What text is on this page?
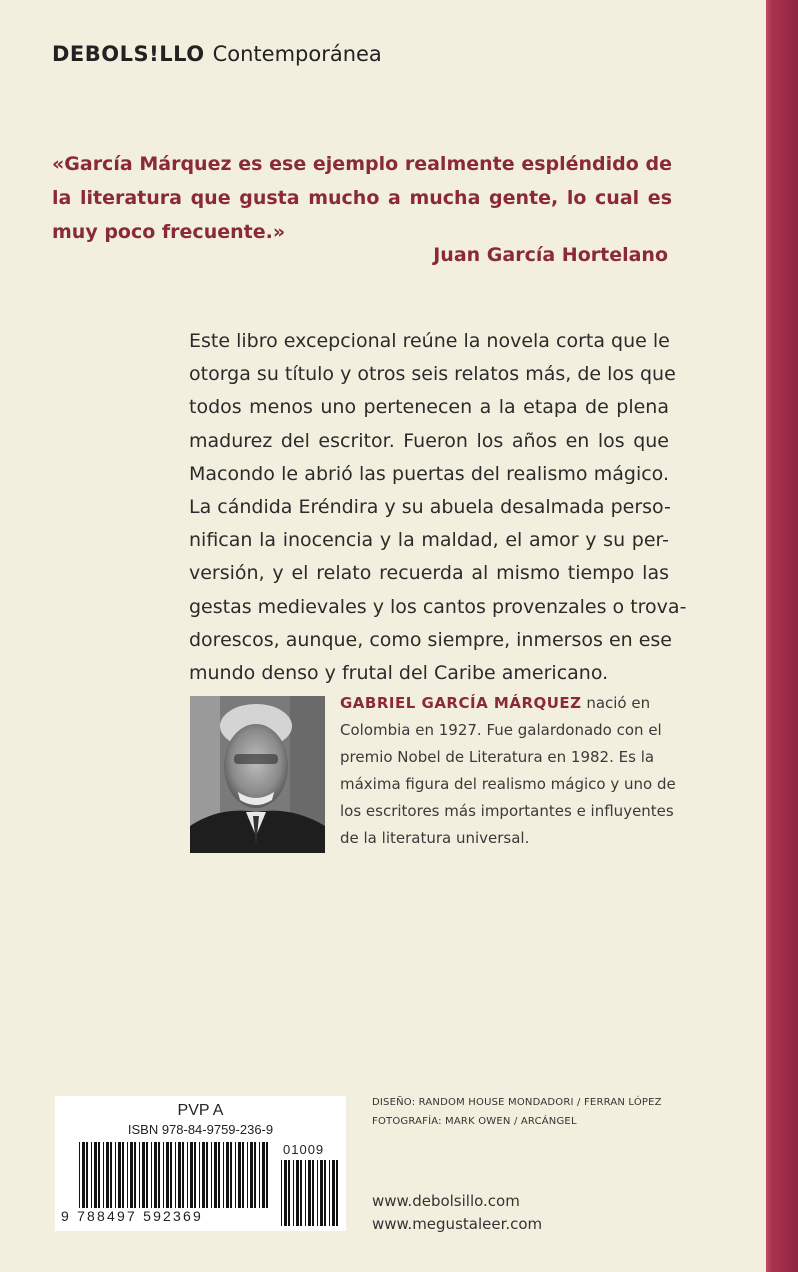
DEBOLS!LLO Contemporánea
«García Márquez es ese ejemplo realmente espléndido de la literatura que gusta mucho a mucha gente, lo cual es muy poco frecuente.»
Juan García Hortelano
Este libro excepcional reúne la novela corta que le
otorga su título y otros seis relatos más, de los que
todos menos uno pertenecen a la etapa de plena
madurez del escritor. Fueron los años en los que
Macondo le abrió las puertas del realismo mágico.
La cándida Eréndira y su abuela desalmada perso-
nifican la inocencia y la maldad, el amor y su per-
versión, y el relato recuerda al mismo tiempo las
gestas medievales y los cantos provenzales o trova-
dorescos, aunque, como siempre, inmersos en ese
mundo denso y frutal del Caribe americano.
GABRIEL GARCÍA MÁRQUEZ nació en
Colombia en 1927. Fue galardonado con el
premio Nobel de Literatura en 1982. Es la
máxima figura del realismo mágico y uno de
los escritores más importantes e influyentes
de la literatura universal.
PVP A
ISBN 978-84-9759-236-9
01009
9 788497 592369
DISEÑO: RANDOM HOUSE MONDADORI / FERRAN LÓPEZ
FOTOGRAFÍA: MARK OWEN / ARCÁNGEL
www.debolsillo.com
www.megustaleer.com
